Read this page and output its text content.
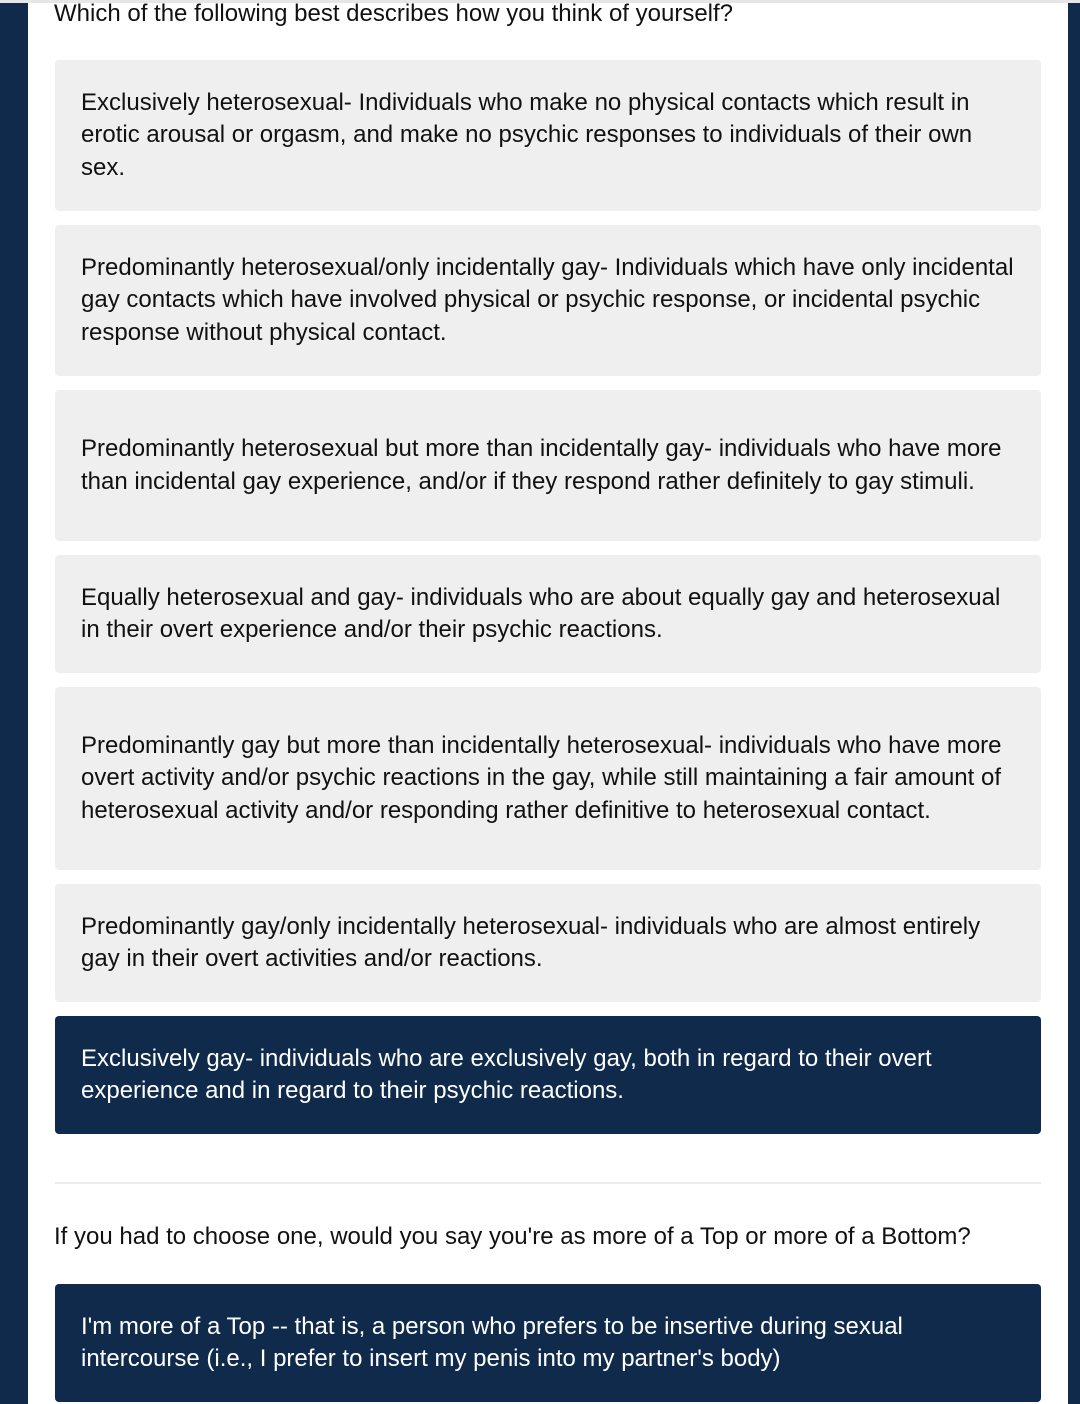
Which of the following best describes how you think of yourself?

Exclusively heterosexual- Individuals who make no physical contacts which result in erotic arousal or orgasm, and make no psychic responses to individuals of their own sex.
Predominantly heterosexual/only incidentally gay- Individuals which have only incidental gay contacts which have involved physical or psychic response, or incidental psychic response without physical contact.
Predominantly heterosexual but more than incidentally gay- individuals who have more than incidental gay experience, and/or if they respond rather definitely to gay stimuli.
Equally heterosexual and gay- individuals who are about equally gay and heterosexual in their overt experience and/or their psychic reactions.
Predominantly gay but more than incidentally heterosexual- individuals who have more overt activity and/or psychic reactions in the gay, while still maintaining a fair amount of heterosexual activity and/or responding rather definitive to heterosexual contact.
Predominantly gay/only incidentally heterosexual- individuals who are almost entirely gay in their overt activities and/or reactions.
Exclusively gay- individuals who are exclusively gay, both in regard to their overt experience and in regard to their psychic reactions.

If you had to choose one, would you say you're as more of a Top or more of a Bottom?

I'm more of a Top -- that is, a person who prefers to be insertive during sexual intercourse (i.e., I prefer to insert my penis into my partner's body)
